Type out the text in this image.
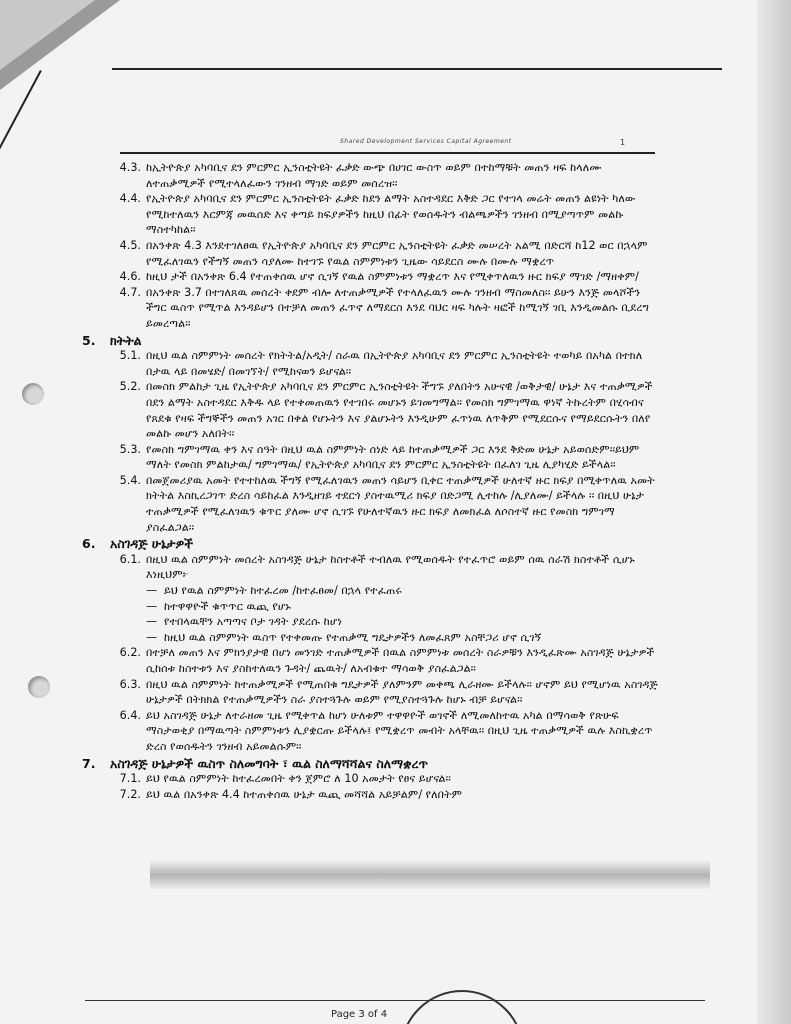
Shared Development Services Capital Agreement	1
4.3. ከኢትዮጵያ አካባቢና ደን ምርምር ኢንስቲትዩት ፈቃድ ውጭ በሀገር ውስጥ ወይም በተከማቹት መጠን ዛፍ ከላለሙ ለተጠቃሚዎች የሚተላለፈውን ገንዘብ ማገድ ወይም መሰረዝ፡፡
4.4. የኢትዮጵያ አካባቢና ደን ምርምር ኢንስቲትዩት ፈቃድ ከደን ልማት አስተዳደር እቅድ ጋር የተገላ መሬት መጠን ልዩነት ካለው የሚከተለዉን እርምጃ መዉሰድ እና ቀጣይ ክፍያዎችን ከዚህ በፊት የወሰዱትን ብልጫዎችን ገንዘብ በሚያጣጥም መልኩ ማስተካከል፡፡
4.5. በአንቀጽ 4.3 እንደተገለፀዉ የኢትዮጵያ አካባቢና ደን ምርምር ኢንስቲትዩት ፈቃድ መሠረት አልሚ በድርሻ ከ12 ወር በኋላም የሚፈለገዉን የችግኝ መጠን ሳያለሙ ከተገኙ የዉል ስምምነቱን ጊዜው ሳይደርስ ሙሉ በሙሉ ማቋረጥ
4.6. ከዚህ ታች በአንቀጽ 6.4 የተጠቀሰዉ ሆኖ ሲገኝ የዉል ስምምነቱን ማቋረጥ እና የሚቀጥለዉን ዙር ክፍያ ማገድ /ማዘቀም/
4.7. በአንቀጽ 3.7 በተገለጸዉ መሰረት ቀደም ብሎ ለተጠቃሚዎች የተላለፈዉን ሙሉ ገንዘብ ማስመለስ፡፡ ይሁን እንጅ መላሾችን ችግር ዉስጥ የሚጥል እንዳይሆን በተቻለ መጠን ፈጥኖ ለማደርስ እንደ ባህር ዛፍ ካሉት ዛፎች ከሚገኝ ገቢ እንዲመልሱ ቢደረግ ይመረጣል፡፡
5.	ክትትል
5.1. በዚህ ዉል ስምምነት መሰረት የክትትል/አዲት/ ስራዉ በኢትዮጵያ አካባቢና ደን ምርምር ኢንስቲትዩት ተወካይ በአካል በተክለ በታዉ ላይ በመሄድ/ በመገኘት/ የሚከናወን ይሆናል፡፡
5.2. በመስክ ምልከታ ጊዜ የኢትዮጵያ አካባቢና ደን ምርምር ኢንስቲትዩት ችግኙ ያለበትን አሁናዊ /ወቅታዊ/ ሁኔታ እና ተጠቃሚዎች በደን ልማት አስተዳደር እቅዱ ላይ የተቀመጠዉን የተገበሩ መሆኑን ይገመግማል፡፡ የመስክ ግምገማዉ ዋነኛ ትኩረትም በሂሳብና የጸደቁ የዛፍ ችግኞችን መጠን አገር በቀል የሆኑትን እና ያልሆኑትን እንዲሁም ፈጥነዉ ለጥቅም የሚደርሱና የማይደርሱትን በለየ መልኩ መሆን አለበት፡፡
5.3. የመስክ ግምገማዉ ቀን እና ሰዓት በዚህ ዉል ስምምነት ሰነድ ላይ ከተጠቃሚዎች ጋር እንደ ቅድመ ሁኔታ አይወሰድም፡፡ይህም ማለት የመስክ ምልከታዉ/ ግምገማዉ/ የኢትዮጵያ አካባቢና ደን ምርምር ኢንስቲትዩት በፈለገ ጊዜ ሊያካሂድ ይችላል፡፡
5.4. በመጀመሪያዉ አመት የተተከለዉ ችግኝ የሚፈለገዉን መጠን ሳይሆን ቢቀር ተጠቃሚዎች ሁለተኛ ዙር ክፍያ በሚቀጥለዉ አመት ክትትል እስኪረጋገጥ ድረስ ሳይከፈል እንዲዘገይ ተደርጎ ያስተዉሚሪ ክፍያ በድጋሚ ሊተከሉ /ሊያለሙ/ ይችላሉ ፡፡ በዚህ ሁኔታ ተጠቃሚዎች የሚፈለገዉን ቁጥር ያለሙ ሆኖ ሲገኙ የሁለተኛዉን ዙር ክፍያ ለመክፈል ለሶስተኛ ዙር የመስክ ግምገማ ያስፈልጋል፡፡
6.	አስገዳጅ ሁኔታዎች
6.1. በዚህ ዉል ስምምነት መሰረት አስገዳጅ ሁኔታ ከስተቶች ተብለዉ የሚወሰዱት የተፈጥሮ ወይም ሰዉ ሰራሽ ክስተቶች ሲሆኑ እነዚህም፦
— ይህ የዉል ስምምነት ከተፈረመ /ከተፈፀመ/ በኋላ የተፈጠሩ
— ከተዋዋዮች ቁጥጥር ዉጪ የሆኑ
— የተበላዉቸን አጣጣና ቦታ ገዳት ያደረሱ ከሆነ
— ከዚህ ዉል ስምምነት ዉስጥ የተቀመጡ የተጠቃሚ ግዴታዎችን ለመፈጸም አስቸጋሪ ሆኖ ሲገኝ
6.2. በተቻለ መጠን እና ምክንያታዊ በሆነ መንገድ ተጠቃሚዎች በዉል ስምምነቱ መሰረት ስራዎቹን እንዲፈጽሙ አስገዳጅ ሁኔታዎች ሲከሰቱ ከስተቱን እና ያስከተለዉን ጉዳት/ ጨዉት/ ለአብቁተ ማሳወቅ ያስፈልጋል፡፡
6.3. በዚህ ዉል ስምምነት ከተጠቃሚዎች የሚጠበቁ ግዴታዎች ያለምንም መቀጫ ሊራዘሙ ይችላሉ፡፡ ሆኖም ይህ የሚሆነዉ አስገዳጅ ሁኔታዎች በትክክል የተጠቃሚዎችን ስራ ያስተጓጉሉ ወይም የሚያስተጓጉሉ ከሆኑ ብቻ ይሆናል፡፡
6.4. ይህ አስገዳጅ ሁኔታ ለተራዘመ ጊዜ የሚቀጥል ከሆነ ሁለቱም ተዋዋዮች ወገኖች ለሚመለከተዉ አካል በማሳወቅ የጽሁፍ ማስታወቂያ በማዉጣት ስምምነቱን ሊያቋርጡ ይችላሉ፤ የሚቋረጥ መብት አላቸዉ፡፡ በዚህ ጊዜ ተጠቃሚዎች ዉሉ እስኪቋረጥ ድረስ የወሰዱትን ገንዘብ አይመልሱም፡፡
7.	አስገዳጅ ሁኔታዎች ዉስጥ ስለመግባት ፣ ዉል ስለማሻሻልና ስለማቋረጥ
7.1. ይህ የዉል ስምምነት ከተፈረመበት ቀን ጀምሮ ለ 10 አመታት የፀና ይሆናል፡፡
7.2. ይህ ዉል በአንቀጽ 4.4 ከተጠቀሰዉ ሁኔታ ዉጪ መሻሻል አይቻልም/ የለበትም
Page 3 of 4
